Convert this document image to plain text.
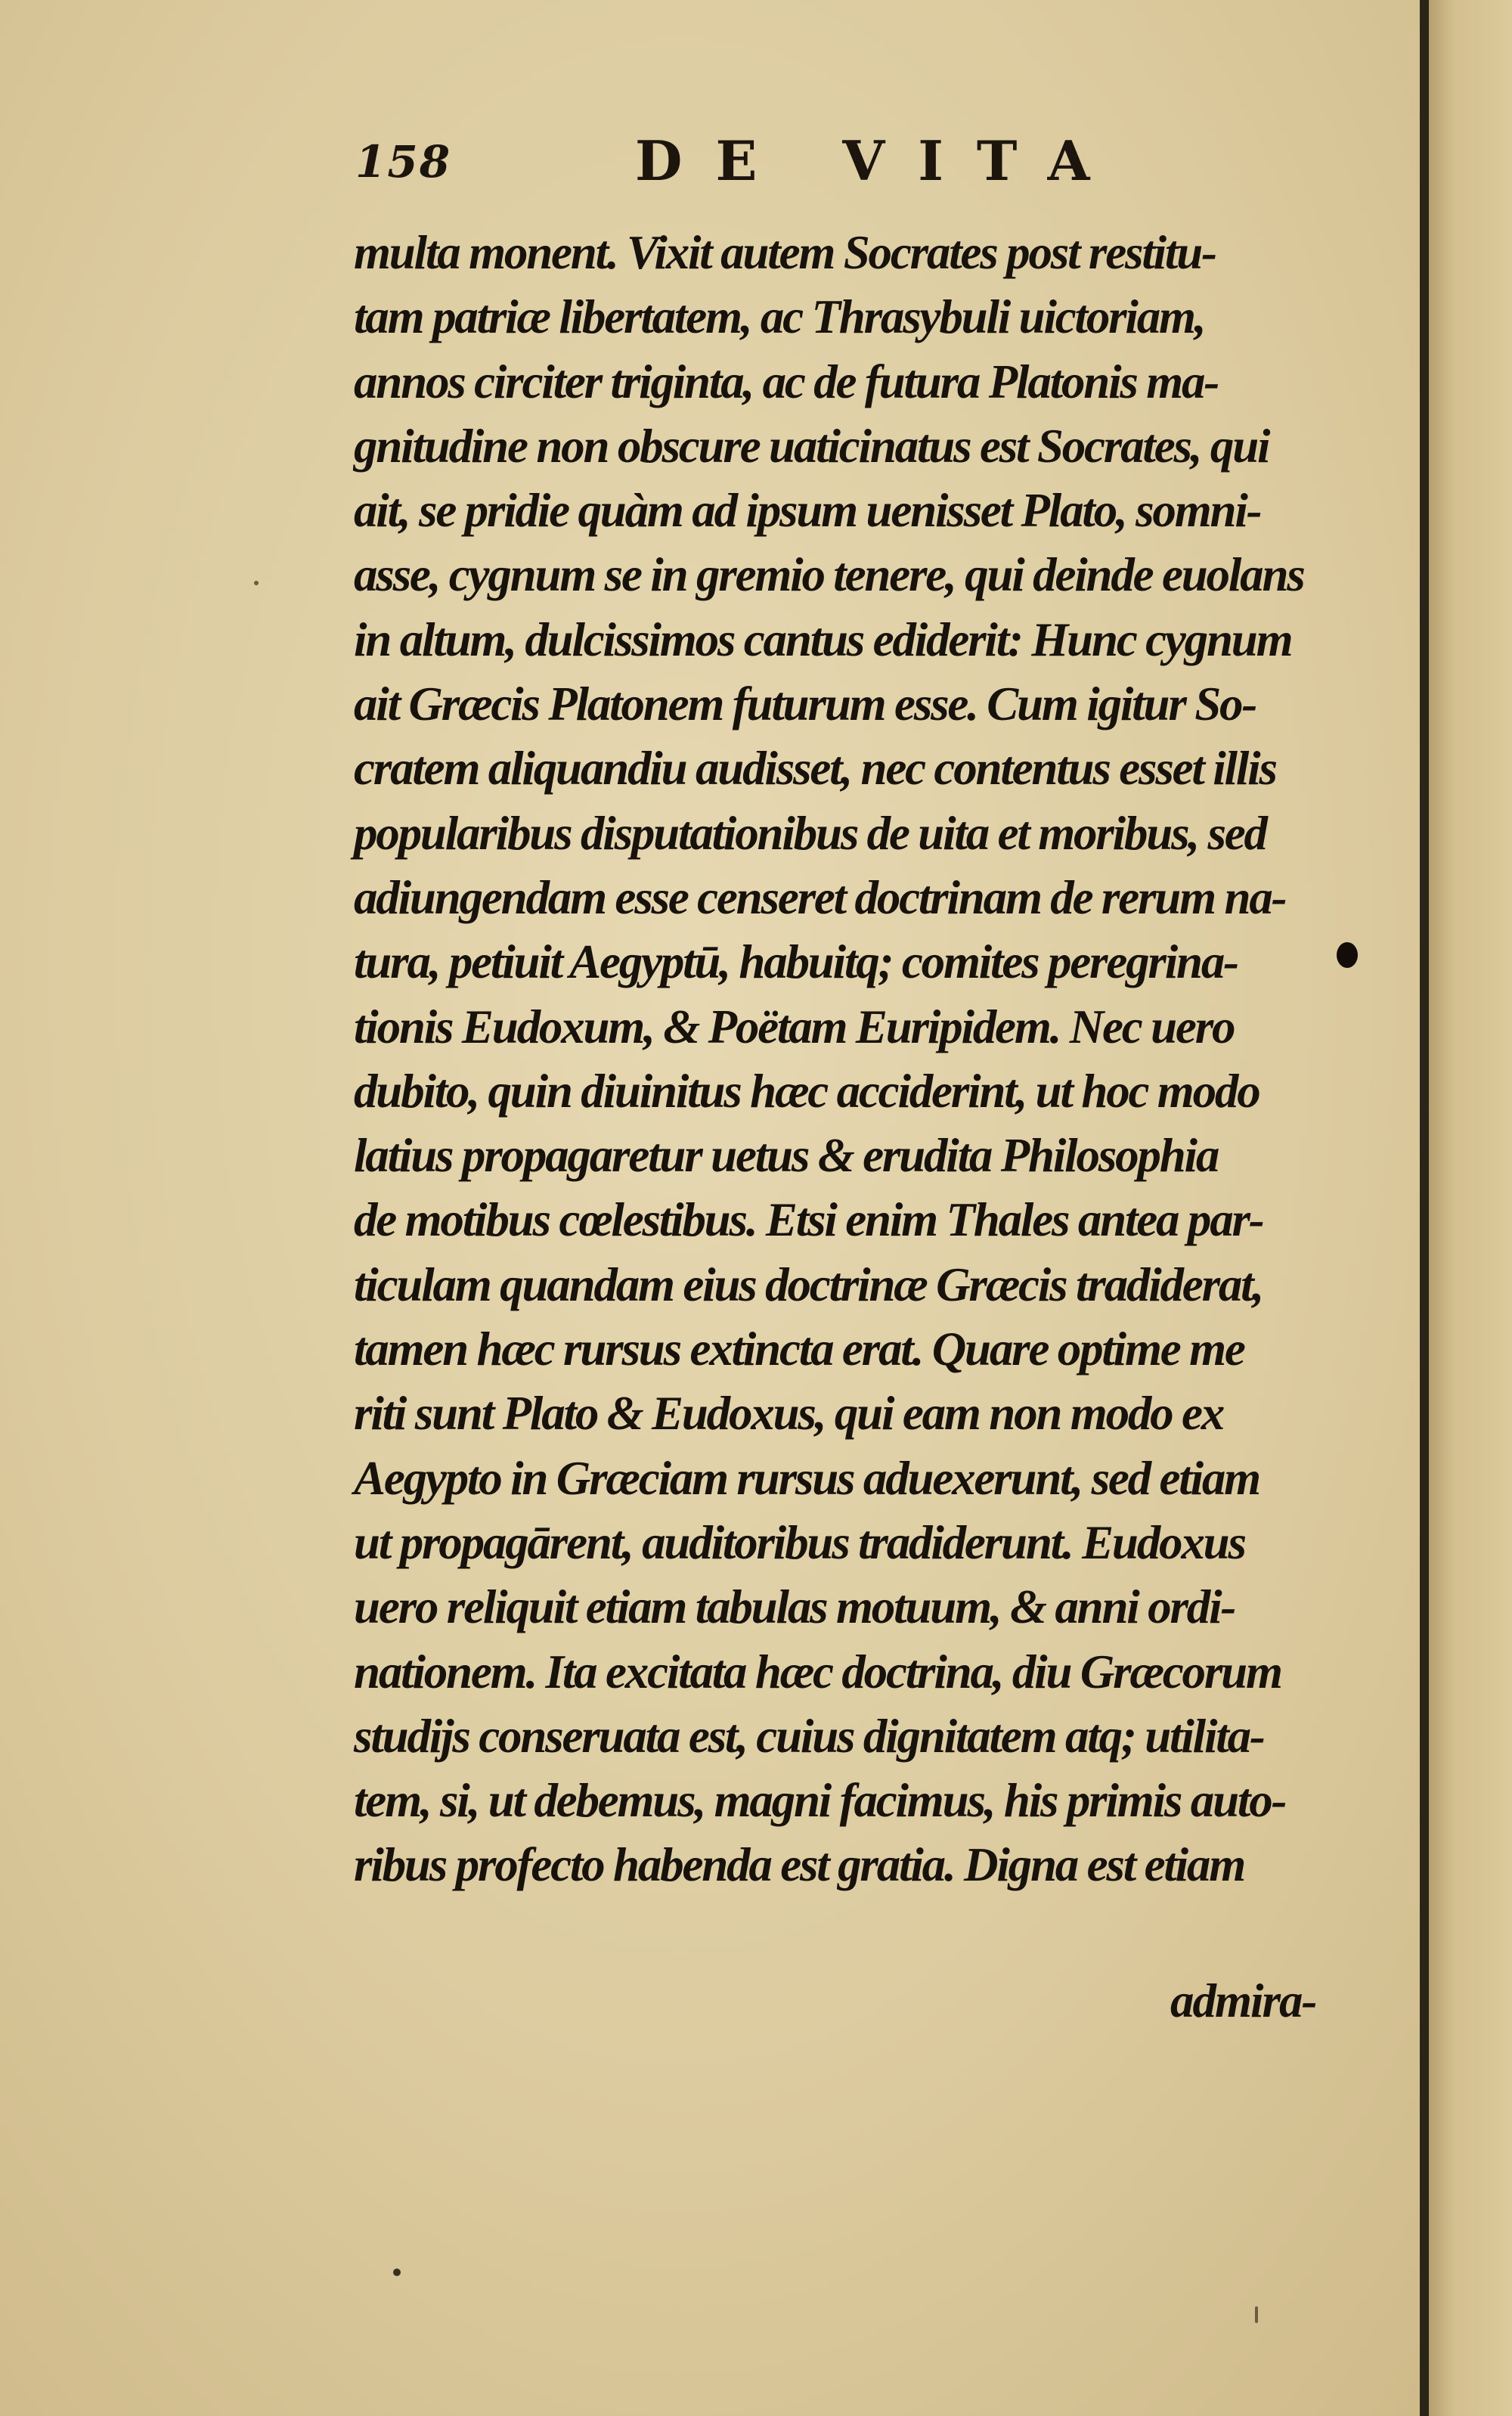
158	DE VITA
multa monent. Vixit autem Socrates post restitu-
tam patriæ libertatem, ac Thrasybuli uictoriam,
annos circiter triginta, ac de futura Platonis ma-
gnitudine non obscure uaticinatus est Socrates, qui
ait, se pridie quàm ad ipsum uenisset Plato, somni-
asse, cygnum se in gremio tenere, qui deinde euolans
in altum, dulcissimos cantus ediderit: Hunc cygnum
ait Græcis Platonem futurum esse. Cum igitur So-
cratem aliquandiu audisset, nec contentus esset illis
popularibus disputationibus de uita et moribus, sed
adiungendam esse censeret doctrinam de rerum na-
tura, petiuit Aegyptū, habuitq; comites peregrina-
tionis Eudoxum, & Poëtam Euripidem. Nec uero
dubito, quin diuinitus hæc acciderint, ut hoc modo
latius propagaretur uetus & erudita Philosophia
de motibus cœlestibus. Etsi enim Thales antea par-
ticulam quandam eius doctrinæ Græcis tradiderat,
tamen hæc rursus extincta erat. Quare optime me
riti sunt Plato & Eudoxus, qui eam non modo ex
Aegypto in Græciam rursus aduexerunt, sed etiam
ut propagārent, auditoribus tradiderunt. Eudoxus
uero reliquit etiam tabulas motuum, & anni ordi-
nationem. Ita excitata hæc doctrina, diu Græcorum
studijs conseruata est, cuius dignitatem atq; utilita-
tem, si, ut debemus, magni facimus, his primis auto-
ribus profecto habenda est gratia. Digna est etiam
admira-
